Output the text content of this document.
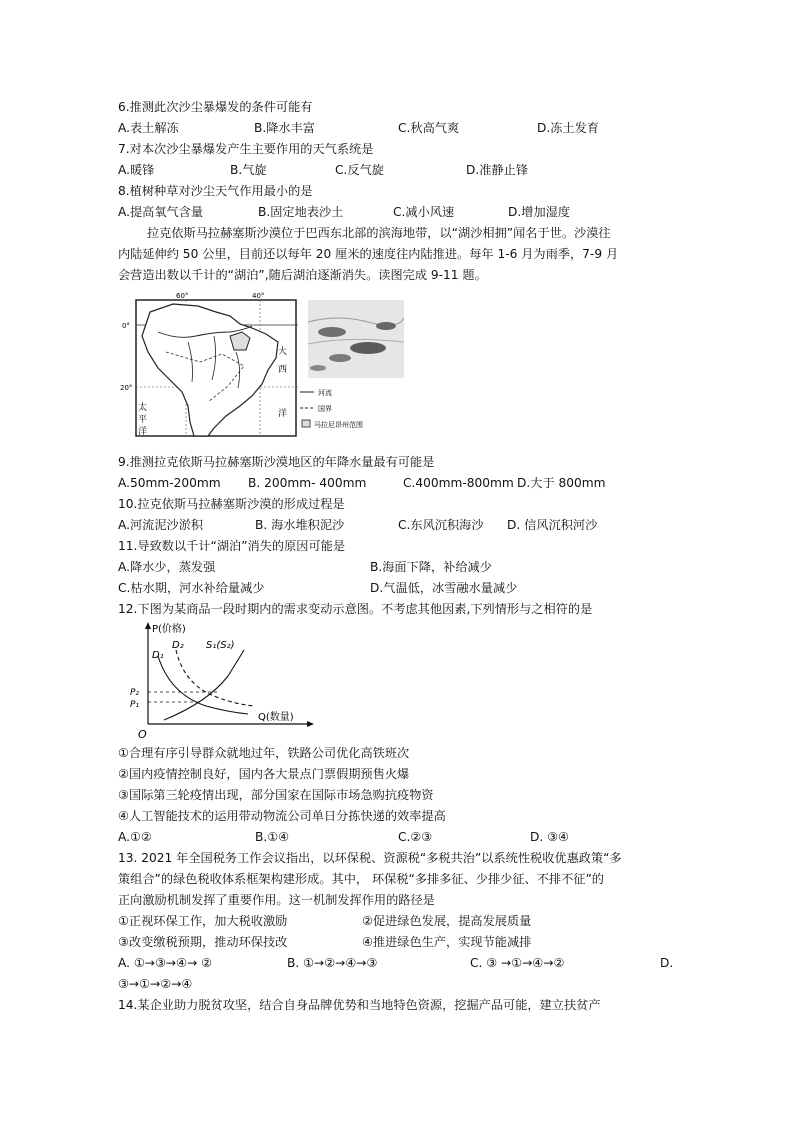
6.推测此次沙尘暴爆发的条件可能有
A.表土解冻	B.降水丰富	C.秋高气爽	D.冻土发育
7.对本次沙尘暴爆发产生主要作用的天气系统是
A.暖锋	B.气旋	C.反气旋	D.准静止锋
8.植树种草对沙尘天气作用最小的是
A.提高氧气含量	B.固定地表沙土	C.减小风速	D.增加湿度
拉克依斯马拉赫塞斯沙漠位于巴西东北部的滨海地带，以“湖沙相拥”闻名于世。沙漠往
内陆延伸约 50 公里，目前还以每年 20 厘米的速度往内陆推进。每年 1-6 月为雨季，7-9 月
会营造出数以千计的“湖泊”,随后湖泊逐渐消失。读图完成 9-11 题。
60°	40°
0°
20°
大
西
洋
太
平
洋
河流
国界
马拉尼昂州范围
9.推测拉克依斯马拉赫塞斯沙漠地区的年降水量最有可能是
A.50mm-200mm B. 200mm- 400mm	C.400mm-800mm D.大于 800mm
10.拉克依斯马拉赫塞斯沙漠的形成过程是
A.河流泥沙淤积	B. 海水堆积泥沙	C.东风沉积海沙 D. 信风沉积河沙
11.导致数以千计“湖泊”消失的原因可能是
A.降水少，蒸发强	B.海面下降，补给减少
C.枯水期，河水补给量减少	D.气温低，冰雪融水量减少
12.下图为某商品一段时期内的需求变动示意图。不考虑其他因素,下列情形与之相符的是
P(价格)
Q(数量)
O
D₁
D₂ S₁(S₂)
P₂
P₁
①合理有序引导群众就地过年，铁路公司优化高铁班次
②国内疫情控制良好，国内各大景点门票假期预售火爆
③国际第三轮疫情出现，部分国家在国际市场急购抗疫物资
④人工智能技术的运用带动物流公司单日分拣快递的效率提高
A.①②	B.①④	C.②③	D. ③④
13. 2021 年全国税务工作会议指出，以环保税、资源税“多税共治”以系统性税收优惠政策“多
策组合”的绿色税收体系框架构建形成。其中， 环保税“多排多征、少排少征、不排不征”的
正向激励机制发挥了重要作用。这一机制发挥作用的路径是
①正视环保工作，加大税收激励	②促进绿色发展，提高发展质量
③改变缴税预期，推动环保技改	④推进绿色生产，实现节能减排
A. ①→③→④→ ②	B. ①→②→④→③	C. ③ →①→④→②	D.
③→①→②→④
14.某企业助力脱贫攻坚，结合自身品牌优势和当地特色资源，挖掘产品可能，建立扶贫产
